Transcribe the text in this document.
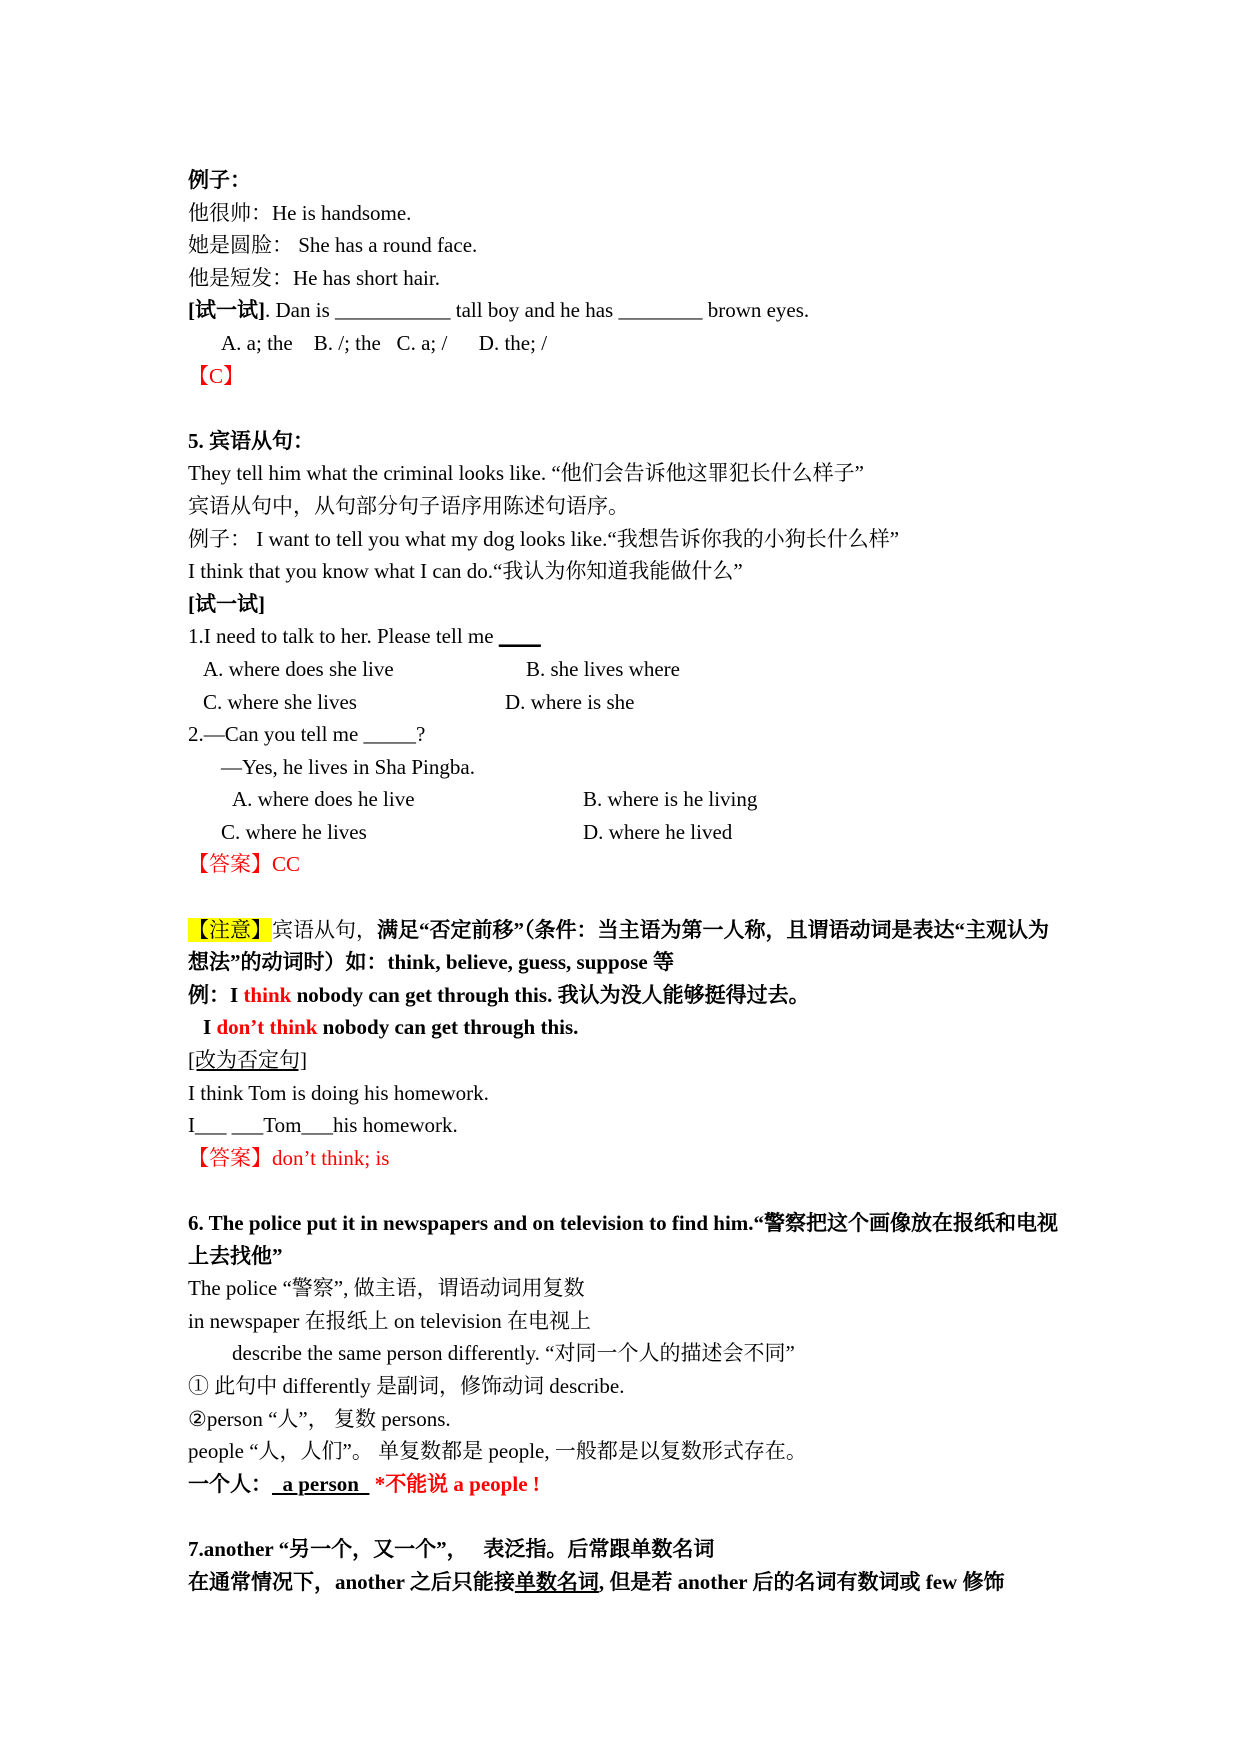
例子：
他很帅：He is handsome.
她是圆脸： She has a round face.
他是短发：He has short hair.
[试一试]. Dan is ___________ tall boy and he has ________ brown eyes.
A. a; the    B. /; the   C. a; /      D. the; /
【C】
5. 宾语从句：
They tell him what the criminal looks like. “他们会告诉他这罪犯长什么样子”
宾语从句中，从句部分句子语序用陈述句语序。
例子： I want to tell you what my dog looks like.“我想告诉你我的小狗长什么样”
I think that you know what I can do.“我认为你知道我能做什么”
[试一试]
1.I need to talk to her. Please tell me ____
A. where does she live	B. she lives where
C. where she lives	D. where is she
2.—Can you tell me _____?
—Yes, he lives in Sha Pingba.
A. where does he live	B. where is he living
C. where he lives	D. where he lived
【答案】CC
【注意】宾语从句，满足“否定前移”（条件：当主语为第一人称，且谓语动词是表达“主观认为想法”的动词时）如：think, believe, guess, suppose 等
例：I think nobody can get through this. 我认为没人能够挺得过去。
I don’t think nobody can get through this.
[改为否定句]
I think Tom is doing his homework.
I___ ___Tom___his homework.
【答案】don’t think; is
6. The police put it in newspapers and on television to find him.“警察把这个画像放在报纸和电视上去找他”
The police “警察”, 做主语，谓语动词用复数
in newspaper 在报纸上 on television 在电视上
describe the same person differently. “对同一个人的描述会不同”
① 此句中 differently 是副词，修饰动词 describe.
②person “人”， 复数 persons.
people “人，人们”。 单复数都是 people, 一般都是以复数形式存在。
一个人：  a person   *不能说 a people !
7.another “另一个，又一个”，   表泛指。后常跟单数名词
在通常情况下，another 之后只能接单数名词, 但是若 another 后的名词有数词或 few 修饰
